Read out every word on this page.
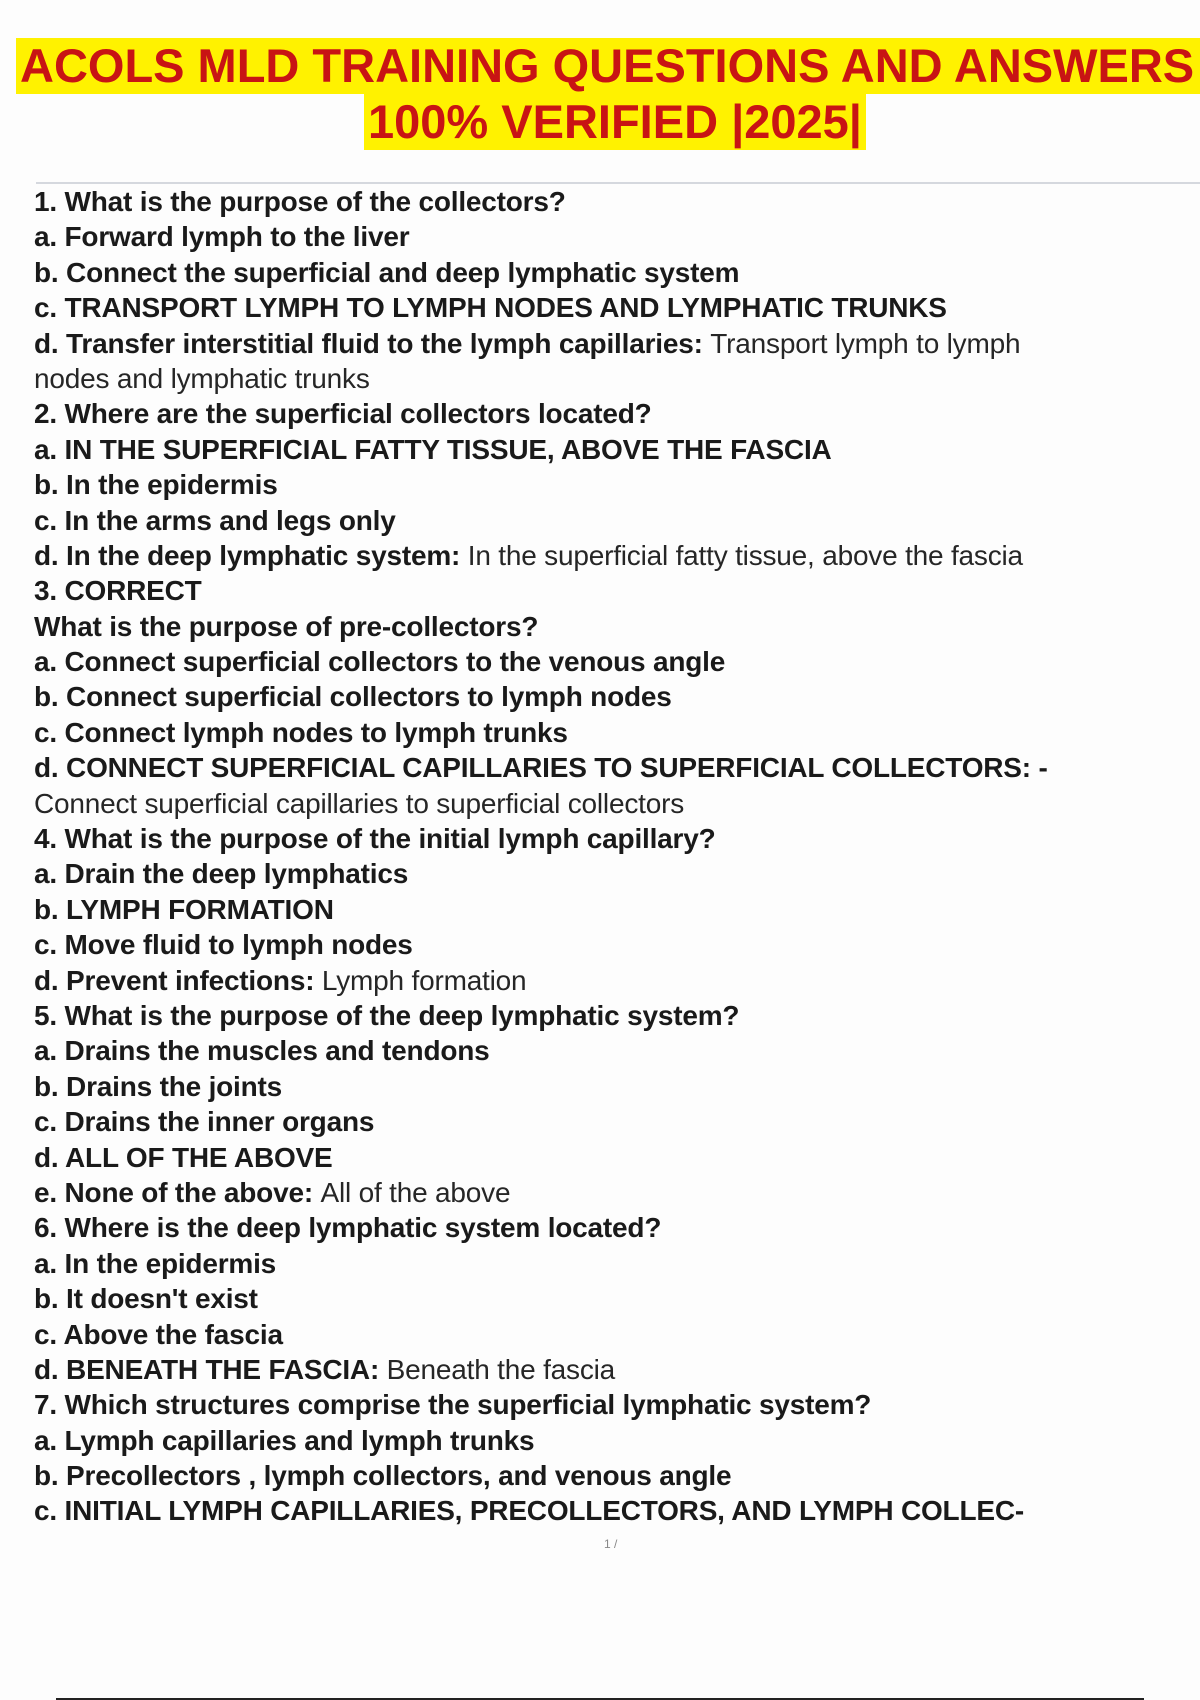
ACOLS MLD TRAINING QUESTIONS AND ANSWERS
100% VERIFIED |2025|
1. What is the purpose of the collectors?
a. Forward lymph to the liver
b. Connect the superficial and deep lymphatic system
c. TRANSPORT LYMPH TO LYMPH NODES AND LYMPHATIC TRUNKS
d. Transfer interstitial fluid to the lymph capillaries: Transport lymph to lymph
nodes and lymphatic trunks
2. Where are the superficial collectors located?
a. IN THE SUPERFICIAL FATTY TISSUE, ABOVE THE FASCIA
b. In the epidermis
c. In the arms and legs only
d. In the deep lymphatic system: In the superficial fatty tissue, above the fascia
3. CORRECT
What is the purpose of pre-collectors?
a. Connect superficial collectors to the venous angle
b. Connect superficial collectors to lymph nodes
c. Connect lymph nodes to lymph trunks
d. CONNECT SUPERFICIAL CAPILLARIES TO SUPERFICIAL COLLECTORS: -
Connect superficial capillaries to superficial collectors
4. What is the purpose of the initial lymph capillary?
a. Drain the deep lymphatics
b. LYMPH FORMATION
c. Move fluid to lymph nodes
d. Prevent infections: Lymph formation
5. What is the purpose of the deep lymphatic system?
a. Drains the muscles and tendons
b. Drains the joints
c. Drains the inner organs
d. ALL OF THE ABOVE
e. None of the above: All of the above
6. Where is the deep lymphatic system located?
a. In the epidermis
b. It doesn't exist
c. Above the fascia
d. BENEATH THE FASCIA: Beneath the fascia
7. Which structures comprise the superficial lymphatic system?
a. Lymph capillaries and lymph trunks
b. Precollectors , lymph collectors, and venous angle
c. INITIAL LYMPH CAPILLARIES, PRECOLLECTORS, AND LYMPH COLLEC-
1 /
